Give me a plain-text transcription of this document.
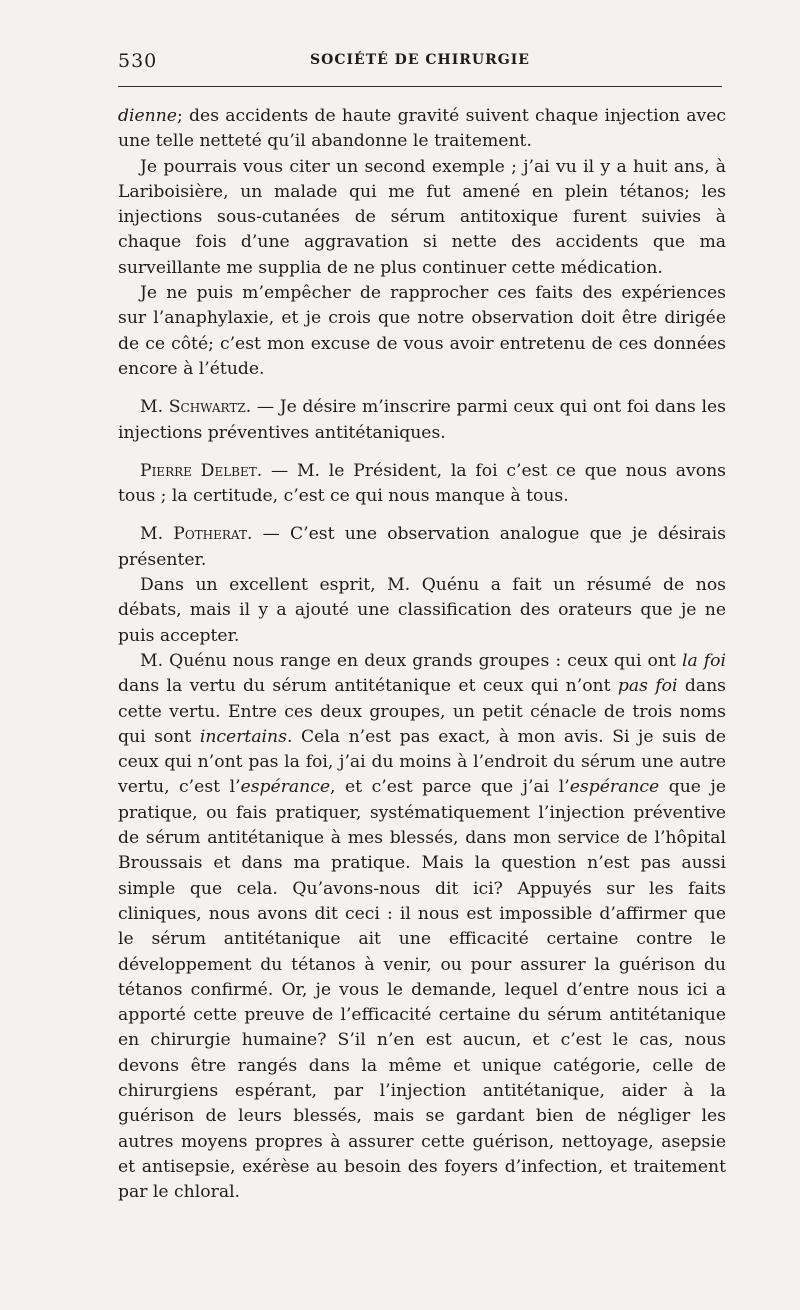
530	SOCIÉTÉ DE CHIRURGIE

dienne; des accidents de haute gravité suivent chaque injection avec une telle netteté qu’il abandonne le traitement.

Je pourrais vous citer un second exemple ; j’ai vu il y a huit ans, à Lariboisière, un malade qui me fut amené en plein tétanos; les injections sous-cutanées de sérum antitoxique furent suivies à chaque fois d’une aggravation si nette des accidents que ma surveillante me supplia de ne plus continuer cette médication.

Je ne puis m’empêcher de rapprocher ces faits des expériences sur l’anaphylaxie, et je crois que notre observation doit être dirigée de ce côté; c’est mon excuse de vous avoir entretenu de ces données encore à l’étude.

M. Schwartz. — Je désire m’inscrire parmi ceux qui ont foi dans les injections préventives antitétaniques.

Pierre Delbet. — M. le Président, la foi c’est ce que nous avons tous ; la certitude, c’est ce qui nous manque à tous.

M. Potherat. — C’est une observation analogue que je désirais présenter.

Dans un excellent esprit, M. Quénu a fait un résumé de nos débats, mais il y a ajouté une classification des orateurs que je ne puis accepter.

M. Quénu nous range en deux grands groupes : ceux qui ont la foi dans la vertu du sérum antitétanique et ceux qui n’ont pas foi dans cette vertu. Entre ces deux groupes, un petit cénacle de trois noms qui sont incertains. Cela n’est pas exact, à mon avis. Si je suis de ceux qui n’ont pas la foi, j’ai du moins à l’endroit du sérum une autre vertu, c’est l’espérance, et c’est parce que j’ai l’espérance que je pratique, ou fais pratiquer, systématiquement l’injection préventive de sérum antitétanique à mes blessés, dans mon service de l’hôpital Broussais et dans ma pratique. Mais la question n’est pas aussi simple que cela. Qu’avons-nous dit ici? Appuyés sur les faits cliniques, nous avons dit ceci : il nous est impossible d’affirmer que le sérum antitétanique ait une efficacité certaine contre le développement du tétanos à venir, ou pour assurer la guérison du tétanos confirmé. Or, je vous le demande, lequel d’entre nous ici a apporté cette preuve de l’efficacité certaine du sérum antitétanique en chirurgie humaine? S’il n’en est aucun, et c’est le cas, nous devons être rangés dans la même et unique catégorie, celle de chirurgiens espérant, par l’injection antitétanique, aider à la guérison de leurs blessés, mais se gardant bien de négliger les autres moyens propres à assurer cette guérison, nettoyage, asepsie et antisepsie, exérèse au besoin des foyers d’infection, et traitement par le chloral.
